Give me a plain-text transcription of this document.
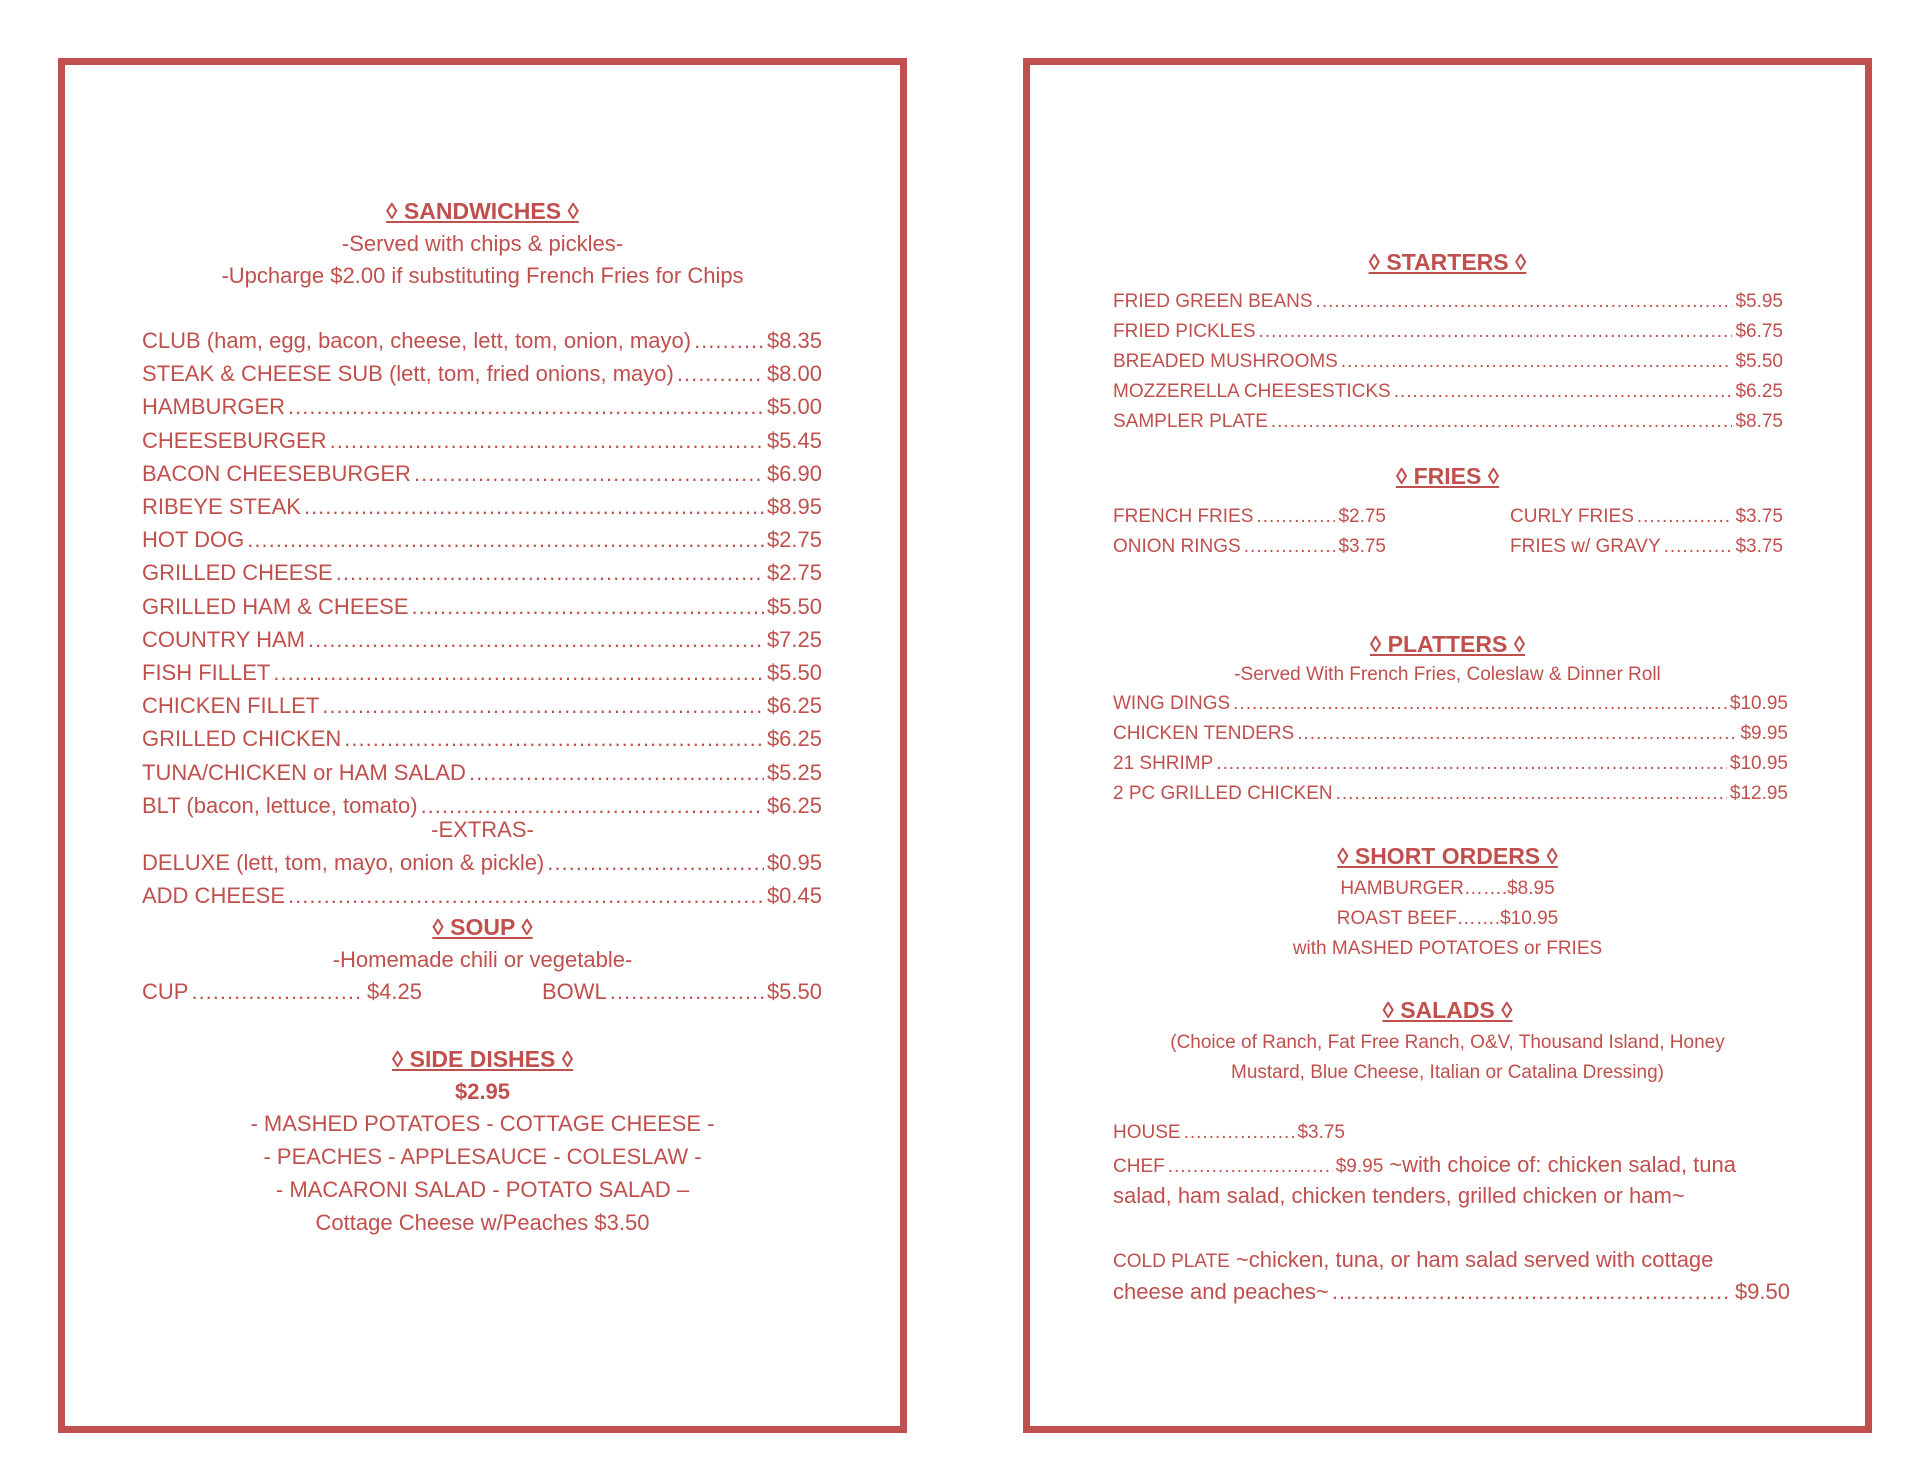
◊ SANDWICHES ◊
-Served with chips & pickles-
-Upcharge $2.00 if substituting French Fries for Chips
CLUB (ham, egg, bacon, cheese, lett, tom, onion, mayo) .....	$8.35
STEAK & CHEESE SUB (lett, tom, fried onions, mayo) .....	$8.00
HAMBURGER .....	$5.00
CHEESEBURGER .....	$5.45
BACON CHEESEBURGER .....	$6.90
RIBEYE STEAK .....	$8.95
HOT DOG .....	$2.75
GRILLED CHEESE .....	$2.75
GRILLED HAM & CHEESE .....	$5.50
COUNTRY HAM .....	$7.25
FISH FILLET .....	$5.50
CHICKEN FILLET .....	$6.25
GRILLED CHICKEN .....	$6.25
TUNA/CHICKEN or HAM SALAD .....	$5.25
BLT (bacon, lettuce, tomato) .....	$6.25
-EXTRAS-
DELUXE (lett, tom, mayo, onion & pickle) .....	$0.95
ADD CHEESE .....	$0.45
◊ SOUP ◊
-Homemade chili or vegetable-
CUP .....	$4.25	BOWL .....	$5.50
◊ SIDE DISHES ◊
$2.95
- MASHED POTATOES - COTTAGE CHEESE -
- PEACHES - APPLESAUCE - COLESLAW -
- MACARONI SALAD - POTATO SALAD –
Cottage Cheese w/Peaches $3.50
◊ STARTERS ◊
FRIED GREEN BEANS .....	$5.95
FRIED PICKLES .....	$6.75
BREADED MUSHROOMS .....	$5.50
MOZZERELLA CHEESESTICKS .....	$6.25
SAMPLER PLATE .....	$8.75
◊ FRIES ◊
FRENCH FRIES .....	$2.75	CURLY FRIES .....	$3.75
ONION RINGS .....	$3.75	FRIES w/ GRAVY .....	$3.75
◊ PLATTERS ◊
-Served With French Fries, Coleslaw & Dinner Roll
WING DINGS .....	$10.95
CHICKEN TENDERS .....	$9.95
21 SHRIMP .....	$10.95
2 PC GRILLED CHICKEN .....	$12.95
◊ SHORT ORDERS ◊
HAMBURGER…….$8.95
ROAST BEEF…….$10.95
with MASHED POTATOES or FRIES
◊ SALADS ◊
(Choice of Ranch, Fat Free Ranch, O&V, Thousand Island, Honey
Mustard, Blue Cheese, Italian or Catalina Dressing)
HOUSE .....	$3.75
CHEF .....	$9.95 ~with choice of: chicken salad, tuna
salad, ham salad, chicken tenders, grilled chicken or ham~
COLD PLATE ~chicken, tuna, or ham salad served with cottage
cheese and peaches~ .....	$9.50
